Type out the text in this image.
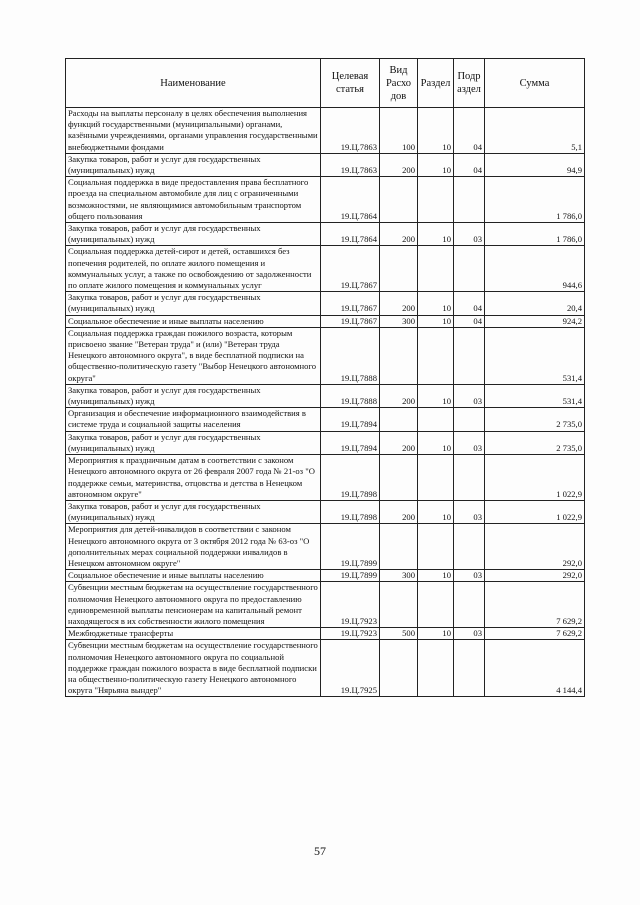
Наименование	Целевая статья	Вид Расхо дов	Раздел	Подр аздел	Сумма
Расходы на выплаты персоналу в целях обеспечения выполнения функций государственными (муниципальными) органами, казёнными учреждениями, органами управления государственными внебюджетными фондами	19.Ц.7863	100	10	04	5,1
Закупка товаров, работ и услуг для государственных (муниципальных) нужд	19.Ц.7863	200	10	04	94,9
Социальная поддержка в виде предоставления права бесплатного проезда на специальном автомобиле для лиц с ограниченными возможностями, не являющимися автомобильным транспортом общего пользования	19.Ц.7864				1 786,0
Закупка товаров, работ и услуг для государственных (муниципальных) нужд	19.Ц.7864	200	10	03	1 786,0
Социальная поддержка детей-сирот и детей, оставшихся без попечения родителей, по оплате жилого помещения и коммунальных услуг, а также по освобождению от задолженности по оплате жилого помещения и коммунальных услуг	19.Ц.7867				944,6
Закупка товаров, работ и услуг для государственных (муниципальных) нужд	19.Ц.7867	200	10	04	20,4
Социальное обеспечение и иные выплаты населению	19.Ц.7867	300	10	04	924,2
Социальная поддержка граждан пожилого возраста, которым присвоено звание "Ветеран труда" и (или) "Ветеран труда Ненецкого автономного округа", в виде бесплатной подписки на общественно-политическую газету "Выбор Ненецкого автономного округа"	19.Ц.7888				531,4
Закупка товаров, работ и услуг для государственных (муниципальных) нужд	19.Ц.7888	200	10	03	531,4
Организация и обеспечение информационного взаимодействия в системе труда и социальной защиты населения	19.Ц.7894				2 735,0
Закупка товаров, работ и услуг для государственных (муниципальных) нужд	19.Ц.7894	200	10	03	2 735,0
Мероприятия к праздничным датам в соответствии с законом Ненецкого автономного округа от 26 февраля 2007 года № 21-оз "О поддержке семьи, материнства, отцовства и детства в Ненецком автономном округе"	19.Ц.7898				1 022,9
Закупка товаров, работ и услуг для государственных (муниципальных) нужд	19.Ц.7898	200	10	03	1 022,9
Мероприятия для детей-инвалидов в соответствии с законом Ненецкого автономного округа от 3 октября 2012 года № 63-оз "О дополнительных мерах социальной поддержки инвалидов в Ненецком автономном округе"	19.Ц.7899				292,0
Социальное обеспечение и иные выплаты населению	19.Ц.7899	300	10	03	292,0
Субвенции местным бюджетам на осуществление государственного полномочия Ненецкого автономного округа по предоставлению единовременной выплаты пенсионерам на капитальный ремонт находящегося в их собственности жилого помещения	19.Ц.7923				7 629,2
Межбюджетные трансферты	19.Ц.7923	500	10	03	7 629,2
Субвенции местным бюджетам на осуществление государственного полномочия Ненецкого автономного округа по социальной поддержке граждан пожилого возраста в виде бесплатной подписки на общественно-политическую газету Ненецкого автономного округа "Нярьяна вындер"	19.Ц.7925				4 144,4
57
